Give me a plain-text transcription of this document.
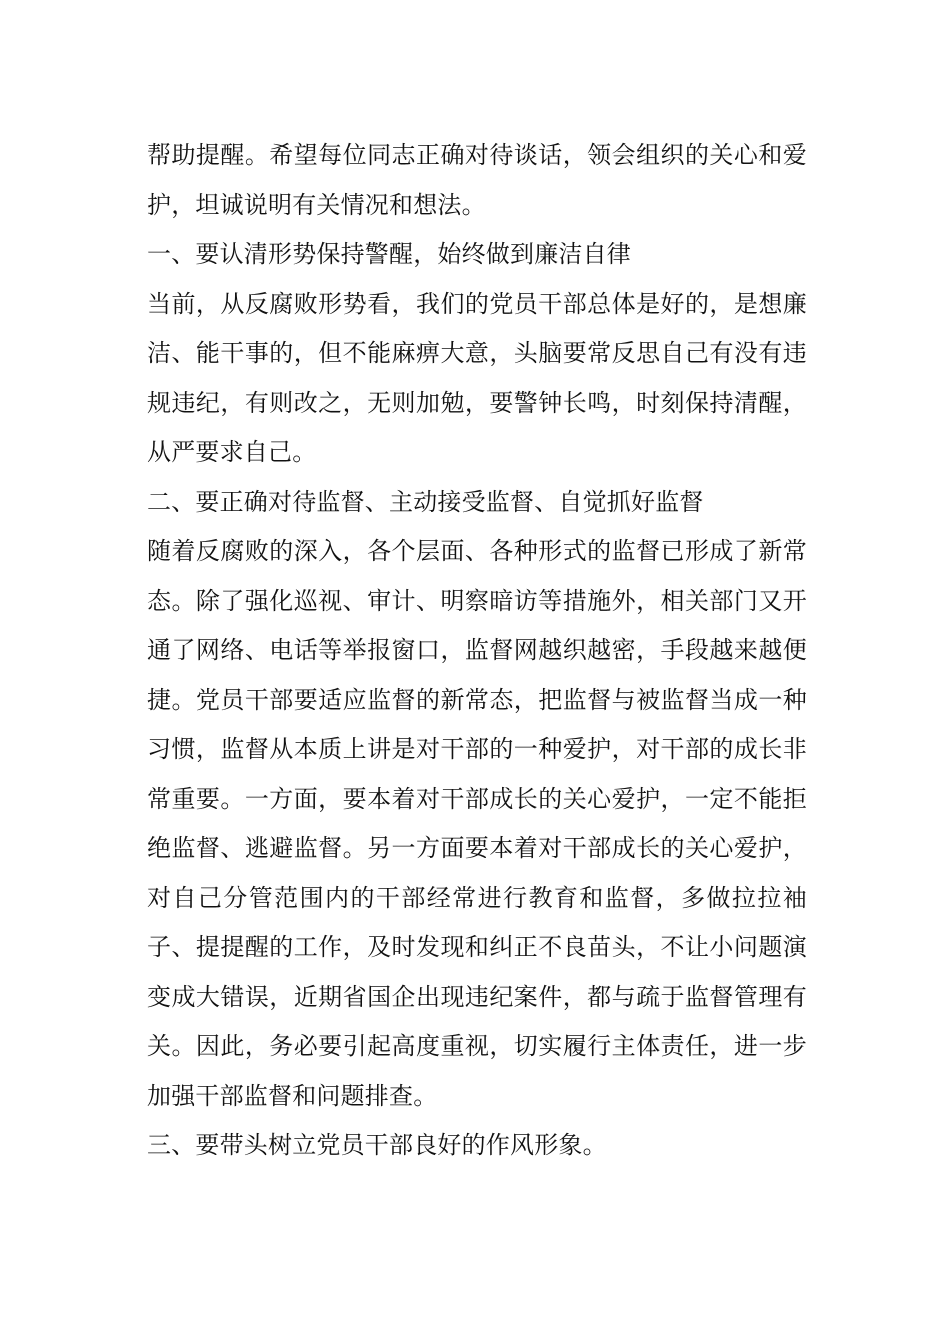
帮助提醒。希望每位同志正确对待谈话，领会组织的关心和爱护，坦诚说明有关情况和想法。

一、要认清形势保持警醒，始终做到廉洁自律

当前，从反腐败形势看，我们的党员干部总体是好的，是想廉洁、能干事的，但不能麻痹大意，头脑要常反思自己有没有违规违纪，有则改之，无则加勉，要警钟长鸣，时刻保持清醒，从严要求自己。

二、要正确对待监督、主动接受监督、自觉抓好监督

随着反腐败的深入，各个层面、各种形式的监督已形成了新常态。除了强化巡视、审计、明察暗访等措施外，相关部门又开通了网络、电话等举报窗口，监督网越织越密，手段越来越便捷。党员干部要适应监督的新常态，把监督与被监督当成一种习惯，监督从本质上讲是对干部的一种爱护，对干部的成长非常重要。一方面，要本着对干部成长的关心爱护，一定不能拒绝监督、逃避监督。另一方面要本着对干部成长的关心爱护，对自己分管范围内的干部经常进行教育和监督，多做拉拉袖子、提提醒的工作，及时发现和纠正不良苗头，不让小问题演变成大错误，近期省国企出现违纪案件，都与疏于监督管理有关。因此，务必要引起高度重视，切实履行主体责任，进一步加强干部监督和问题排查。

三、要带头树立党员干部良好的作风形象。
